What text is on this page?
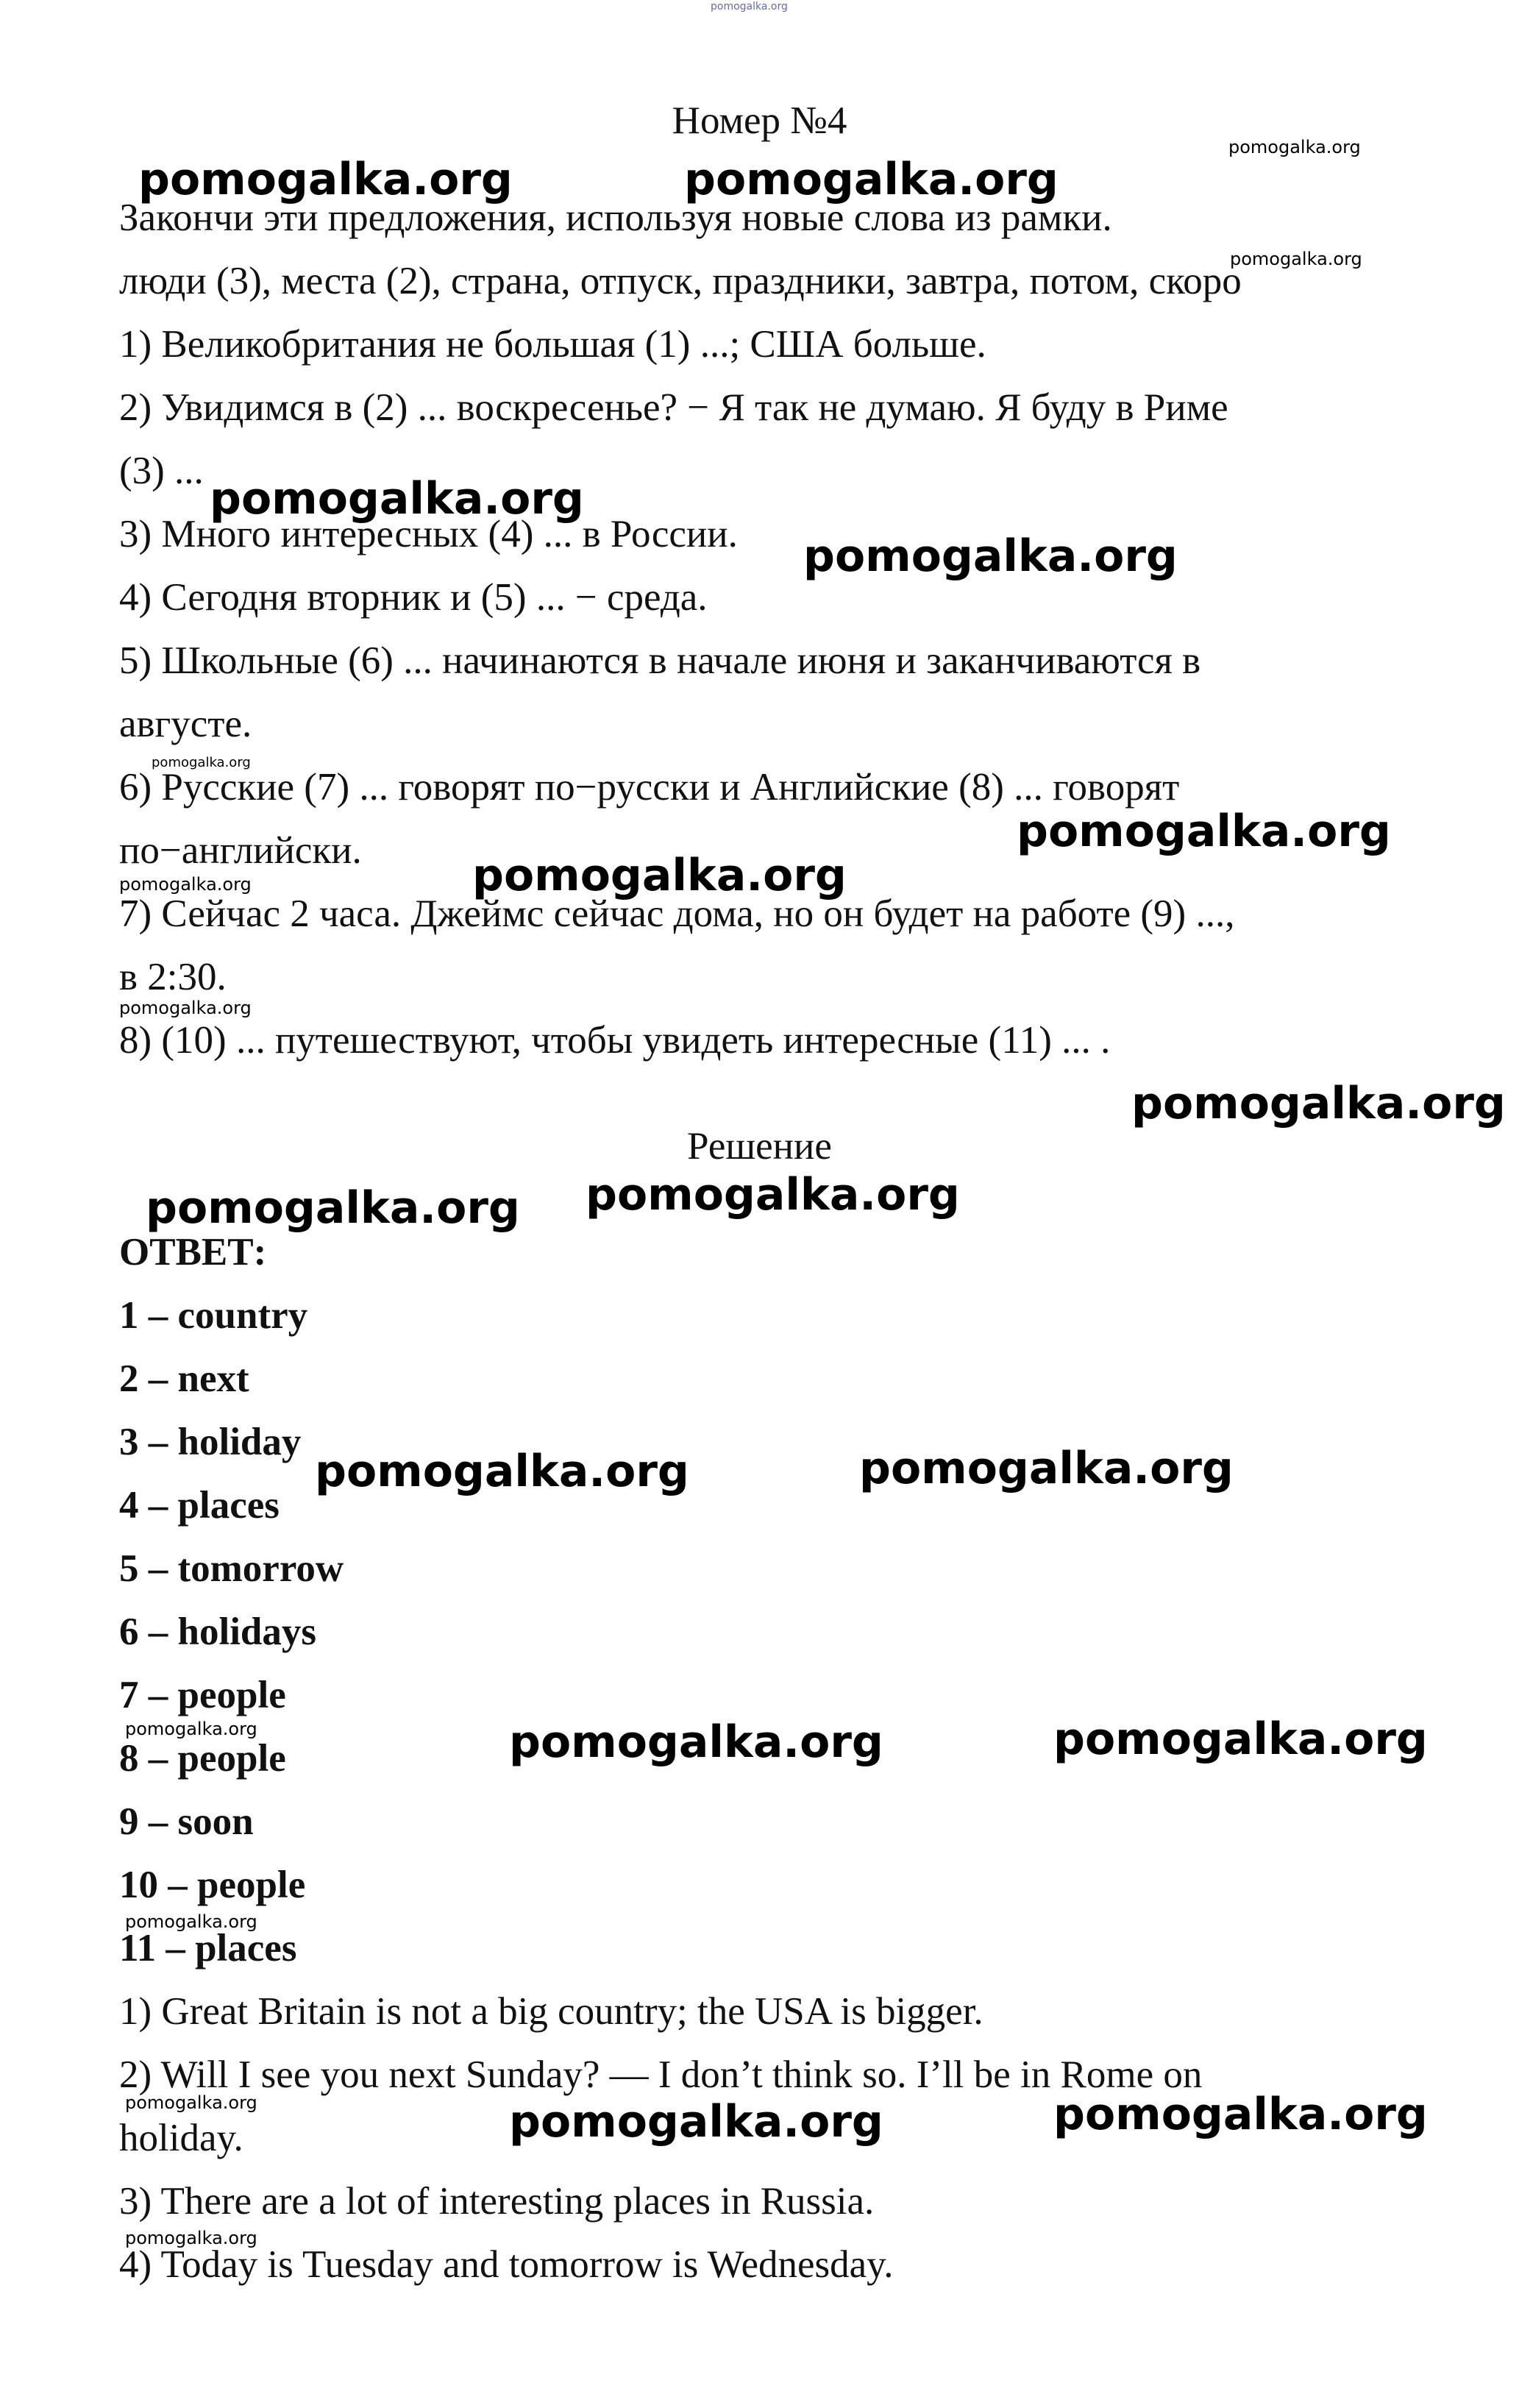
Номер №4
Закончи эти предложения, используя новые слова из рамки.
люди (3), места (2), страна, отпуск, праздники, завтра, потом, скоро
1) Великобритания не большая (1) ...; США больше.
2) Увидимся в (2) ... воскресенье? − Я так не думаю. Я буду в Риме
(3) ...
3) Много интересных (4) ... в России.
4) Сегодня вторник и (5) ... − среда.
5) Школьные (6) ... начинаются в начале июня и заканчиваются в
августе.
6) Русские (7) ... говорят по−русски и Английские (8) ... говорят
по−английски.
7) Сейчас 2 часа. Джеймс сейчас дома, но он будет на работе (9) ...,
в 2:30.
8) (10) ... путешествуют, чтобы увидеть интересные (11) ... .
Решение
ОТВЕТ:
1 – country
2 – next
3 – holiday
4 – places
5 – tomorrow
6 – holidays
7 – people
8 – people
9 – soon
10 – people
11 – places
1) Great Britain is not a big country; the USA is bigger.
2) Will I see you next Sunday? — I don’t think so. I’ll be in Rome on
holiday.
3) There are a lot of interesting places in Russia.
4) Today is Tuesday and tomorrow is Wednesday.
pomogalka.org
pomogalka.org
pomogalka.org	pomogalka.org
pomogalka.org
pomogalka.org
pomogalka.org
pomogalka.org
pomogalka.org
pomogalka.org	pomogalka.org
pomogalka.org
pomogalka.org
pomogalka.org pomogalka.org
pomogalka.org	pomogalka.org
pomogalka.org	pomogalka.org	pomogalka.org
pomogalka.org
pomogalka.org	pomogalka.org	pomogalka.org
pomogalka.org
